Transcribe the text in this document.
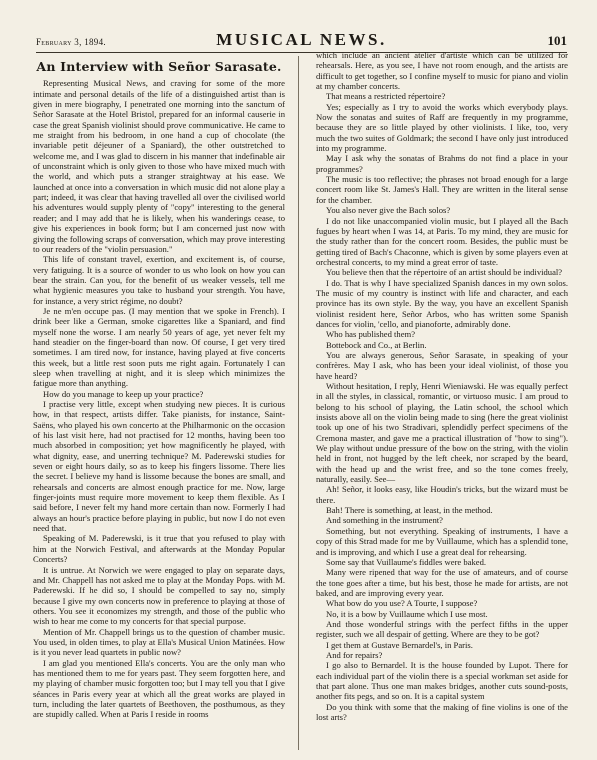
February 3, 1894.	MUSICAL NEWS.	101
An Interview with Señor Sarasate.

Representing Musical News, and craving for some of the more intimate and personal details of the life of a distinguished artist than is given in mere biography, I penetrated one morning into the sanctum of Señor Sarasate at the Hotel Bristol, prepared for an informal causerie in case the great Spanish violinist should prove communicative. He came to me straight from his bedroom, in one hand a cup of chocolate (the invariable petit déjeuner of a Spaniard), the other outstretched to welcome me, and I was glad to discern in his manner that indefinable air of unconstraint which is only given to those who have mixed much with the world, and which puts a stranger straightway at his ease. We launched at once into a conversation in which music did not alone play a part; indeed, it was clear that having travelled all over the civilised world his adventures would supply plenty of "copy" interesting to the general reader; and I may add that he is likely, when his wanderings cease, to give his experiences in book form; but I am concerned just now with giving the following scraps of conversation, which may prove interesting to our readers of the "violin persuasion."

This life of constant travel, exertion, and excitement is, of course, very fatiguing. It is a source of wonder to us who look on how you can bear the strain. Can you, for the benefit of us weaker vessels, tell me what hygienic measures you take to husband your strength. You have, for instance, a very strict régime, no doubt?

Je ne m'en occupe pas. (I may mention that we spoke in French). I drink beer like a German, smoke cigarettes like a Spaniard, and find myself none the worse. I am nearly 50 years of age, yet never felt my hand steadier on the finger-board than now. Of course, I get very tired sometimes. I am tired now, for instance, having played at five concerts this week, but a little rest soon puts me right again. Fortunately I can sleep when travelling at night, and it is sleep which minimizes the fatigue more than anything.

How do you manage to keep up your practice?

I practise very little, except when studying new pieces. It is curious how, in that respect, artists differ. Take pianists, for instance, Saint-Saëns, who played his own concerto at the Philharmonic on the occasion of his last visit here, had not practised for 12 months, having been too much absorbed in composition; yet how magnificently he played, with what dignity, ease, and unerring technique? M. Paderewski studies for seven or eight hours daily, so as to keep his fingers lissome. There lies the secret. I believe my hand is lissome because the bones are small, and rehearsals and concerts are almost enough practice for me. Now, large finger-joints must require more movement to keep them flexible. As I said before, I never felt my hand more certain than now. Formerly I had always an hour's practice before playing in public, but now I do not even need that.

Speaking of M. Paderewski, is it true that you refused to play with him at the Norwich Festival, and afterwards at the Monday Popular Concerts?

It is untrue. At Norwich we were engaged to play on separate days, and Mr. Chappell has not asked me to play at the Monday Pops. with M. Paderewski. If he did so, I should be compelled to say no, simply because I give my own concerts now in preference to playing at those of others. You see it economizes my strength, and those of the public who wish to hear me come to my concerts for that special purpose.

Mention of Mr. Chappell brings us to the question of chamber music. You used, in olden times, to play at Ella's Musical Union Matinées. How is it you never lead quartets in public now?

I am glad you mentioned Ella's concerts. You are the only man who has mentioned them to me for years past. They seem forgotten here, and my playing of chamber music forgotten too; but I may tell you that I give séances in Paris every year at which all the great works are played in turn, including the later quartets of Beethoven, the posthumous, as they are stupidly called. When at Paris I reside in rooms

which include an ancient atelier d'artiste which can be utilized for rehearsals. Here, as you see, I have not room enough, and the artists are difficult to get together, so I confine myself to music for piano and violin at my chamber concerts.

That means a restricted répertoire?

Yes; especially as I try to avoid the works which everybody plays. Now the sonatas and suites of Raff are frequently in my programme, because they are so little played by other violinists. I like, too, very much the two suites of Goldmark; the second I have only just introduced into my programme.

May I ask why the sonatas of Brahms do not find a place in your programmes?

The music is too reflective; the phrases not broad enough for a large concert room like St. James's Hall. They are written in the literal sense for the chamber.

You also never give the Bach solos?

I do not like unaccompanied violin music, but I played all the Bach fugues by heart when I was 14, at Paris. To my mind, they are music for the study rather than for the concert room. Besides, the public must be getting tired of Bach's Chaconne, which is given by some players even at orchestral concerts, to my mind a great error of taste.

You believe then that the répertoire of an artist should be individual?

I do. That is why I have specialized Spanish dances in my own solos. The music of my country is instinct with life and character, and each province has its own style. By the way, you have an excellent Spanish violinist resident here, Señor Arbos, who has written some Spanish dances for violin, 'cello, and pianoforte, admirably done.

Who has published them?

Bottebock and Co., at Berlin.

You are always generous, Señor Sarasate, in speaking of your confrères. May I ask, who has been your ideal violinist, of those you have heard?

Without hesitation, I reply, Henri Wieniawski. He was equally perfect in all the styles, in classical, romantic, or virtuoso music. I am proud to belong to his school of playing, the Latin school, the school which insists above all on the violin being made to sing (here the great violinist took up one of his two Stradivari, splendidly perfect specimens of the Cremona master, and gave me a practical illustration of "how to sing"). We play without undue pressure of the bow on the string, with the violin held in front, not hugged by the left cheek, nor scraped by the beard, with the head up and the wrist free, and so the tone comes freely, naturally, easily. See—

Ah! Señor, it looks easy, like Houdin's tricks, but the wizard must be there.

Bah! There is something, at least, in the method.

And something in the instrument?

Something, but not everything. Speaking of instruments, I have a copy of this Strad made for me by Vuillaume, which has a splendid tone, and is improving, and which I use a great deal for rehearsing.

Some say that Vuillaume's fiddles were baked.

Many were ripened that way for the use of amateurs, and of course the tone goes after a time, but his best, those he made for artists, are not baked, and are improving every year.

What bow do you use? A Tourte, I suppose?

No, it is a bow by Vuillaume which I use most.

And those wonderful strings with the perfect fifths in the upper register, such we all despair of getting. Where are they to be got?

I get them at Gustave Bernardel's, in Paris.

And for repairs?

I go also to Bernardel. It is the house founded by Lupot. There for each individual part of the violin there is a special workman set aside for that part alone. Thus one man makes bridges, another cuts sound-posts, another fits pegs, and so on. It is a capital system

Do you think with some that the making of fine violins is one of the lost arts?
